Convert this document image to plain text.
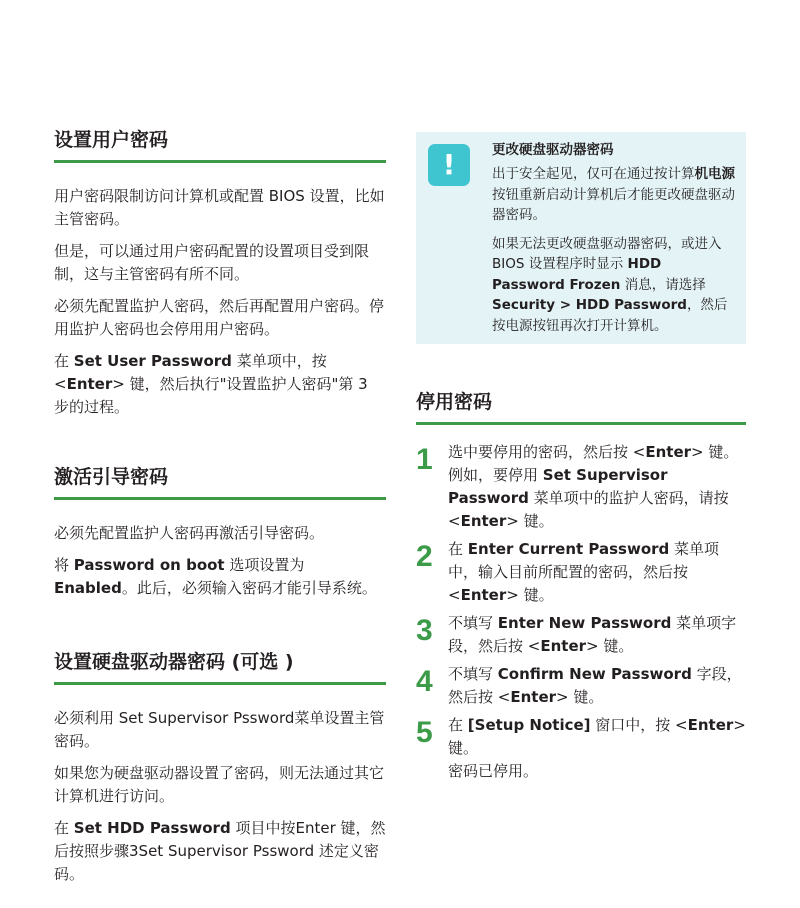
设置用户密码

用户密码限制访问计算机或配置 BIOS 设置，比如主管密码。

但是，可以通过用户密码配置的设置项目受到限制，这与主管密码有所不同。

必须先配置监护人密码，然后再配置用户密码。停用监护人密码也会停用用户密码。

在 Set User Password 菜单项中，按 <Enter> 键，然后执行"设置监护人密码"第 3 步的过程。

激活引导密码

必须先配置监护人密码再激活引导密码。

将 Password on boot 选项设置为 Enabled。此后，必须输入密码才能引导系统。

设置硬盘驱动器密码 (可选 )

必须利用 Set Supervisor Pssword菜单设置主管密码。

如果您为硬盘驱动器设置了密码，则无法通过其它计算机进行访问。

在 Set HDD Password 项目中按Enter 键，然后按照步骤3Set Supervisor Pssword 述定义密码。

!	更改硬盘驱动器密码

出于安全起见，仅可在通过按计算机电源按钮重新启动计算机后才能更改硬盘驱动器密码。

如果无法更改硬盘驱动器密码，或进入 BIOS 设置程序时显示 HDD Password Frozen 消息，请选择 Security > HDD Password，然后按电源按钮再次打开计算机。

停用密码
1	选中要停用的密码，然后按 <Enter> 键。例如，要停用 Set Supervisor Password 菜单项中的监护人密码，请按 <Enter> 键。
2	在 Enter Current Password 菜单项中，输入目前所配置的密码，然后按 <Enter> 键。
3	不填写 Enter New Password 菜单项字段，然后按 <Enter> 键。
4	不填写 Confirm New Password 字段，然后按 <Enter> 键。
5	在 [Setup Notice] 窗口中，按 <Enter> 键。
密码已停用。
